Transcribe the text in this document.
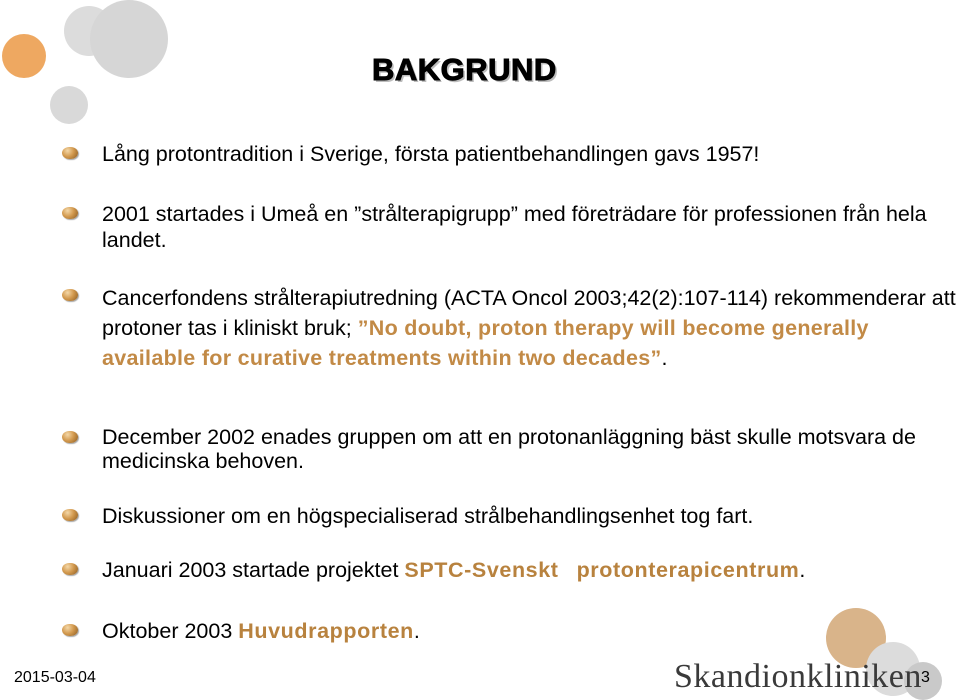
BAKGRUND
Lång protontradition i Sverige, första patientbehandlingen gavs 1957!
2001 startades i Umeå en ”strålterapigrupp” med företrädare för professionen från hela landet.
Cancerfondens strålterapiutredning (ACTA Oncol 2003;42(2):107-114) rekommenderar att protoner tas i kliniskt bruk; ”No doubt, proton therapy will become generally available for curative treatments within two decades”.
December 2002 enades gruppen om att en protonanläggning bäst skulle motsvara de medicinska behoven.
Diskussioner om en högspecialiserad strålbehandlingsenhet tog fart.
Januari 2003 startade projektet SPTC-Svenskt protonterapicentrum.
Oktober 2003 Huvudrapporten.
2015-03-04	Skandionkliniken 3
